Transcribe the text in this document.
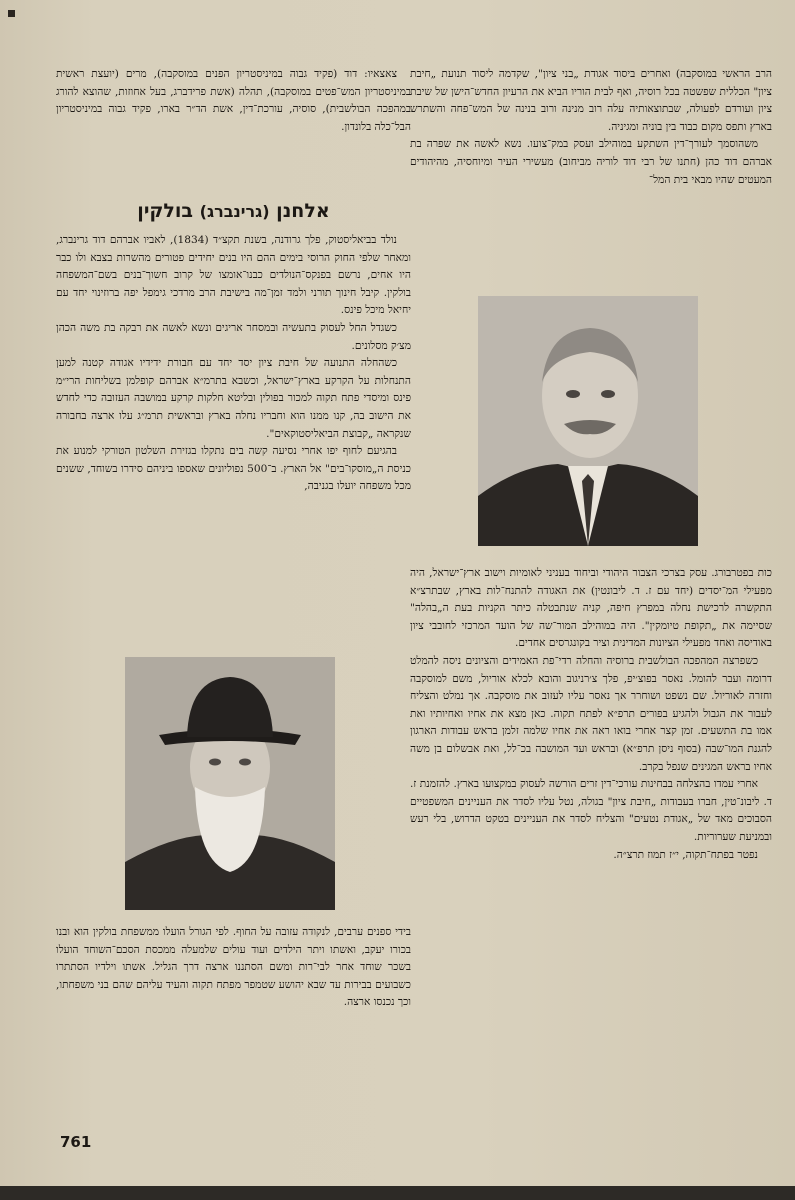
הרב הראשי במוסקבה) ואחרים ביסוד אגודת „בני ציון", שקדמה ליסוד תנועת „חיבת ציון" הכללית שפשטה בכל רוסיה, ואף לבית הוריו הביא את הרעיון החדש־הישן של שיבת ציון ועורדם לפעולה, שבתוצאותיה עלה רוב מנינה ורוב בנינה של המש־פחה והשתרש בארץ ותפס מקום כבוד בין בוניה ומגיניה.

משהוסמך לעורך־דין השתקע במוהילב ועסק במק־צועו. נשא לאשה את שפרה בת אברהם דוד כהן (חתנו של רבי דוד לוריה מביחוב) מעשירי העיר ומיוחסיה, מהיהודים המעטים שהיו מבאי בית המל־

כות בפטרבורג. עסק בצרכי הצבור היהודי וביחוד בעניני לאומיות וישוב ארץ־ישראל, היה מפעילי המ־יסדים (יחד עם ז. ד. ליבונטין) את האגודה להתנח־לות בארץ, שבתרצ״א התקשרה לרכישת נחלה במפרץ חיפה, קניה שנתבטלה כיתר הקניות בעת ה„בהלה" שסיימה את „תקופת טיומקין". היה במוהילב המור־שה של הועד המרכזי לחובבי ציון באודיסה ואחד מפעילי הציונות המדינית וציר בקונגרסים אחדים.

כשפרצה המהפכה הבולשבית ברוסיה והחלה רדי־פת האמידים והציונים ניסה להמלט דרומה ועבר להומל. נאסר בפוצ׳יפ, פלך צ׳רניגוב והובא לכלא אוריול, משם למוסקבה וחזרה לאוריול. שם נשפט ושוחרר אך נאסר עליו לעזוב את מוסקבה. אך נמלט והצליח לעבור את הגבול ולהגיע בפורים תרפ״א לפתח תקוה. כאן מצא את אחיו ואחיותיו ואת אמו בת התשעים. זמן קצר אחרי בואו ראה את אחיו שלמה זלמן בראש עבודות הארגון להגנת המו־שבה (בסוף ניסן תרפ״א) ובראש ועד המושבה בכ־לל, ואת אבשלום בן משה אחיו בראש המגינים שנפל בקרב.

אחרי עמדו בהצלחה בבחינות עורכי־דין זרים הורשה לעסוק במקצועו בארץ. להזמנת ז. ד. ליבונ־טין, חברו בעבודות „חיבת ציון" בגולה, נטל עליו לסדר את העניינים המשפטיים הסבוכים מאד של „אגודת נטעים" והצליח לסדר את העניינים בטקט הדרוש, בלי רעש ובמניעת שערוריות.

נפטר בפתח־תקוה, י״ז תמוז תרצ״ה.

צאצאיו: דוד (פקיד גבוה במיניסטריון הפנים במוסקבה), מרים (יועצת ראשית במיניסטריון המש־פטים במוסקבה), תהלה (אשת פרידברג, בעל אחוזות, שהוצא להורג במהפכה הבולשבית), סוסיה, עורכת־דין, אשת הד״ר בארו, פקיד גבוה במיניסטריון הבל־כלה בלונדון.

אלחנן (גרינברג) בולקין

נולד בביאליסטוק, פלך גרודנה, בשנת תקצ״ד (1834), לאביו אברהם דוד גרינברג, ומאחר שלפי החוק הרוסי בימים ההם היו בנים יחידים פטורים מהשרות בצבא ולו כבר היו אחים, נרשם בפנקס־הנולדים כבנו־אומצו של קרוב חשוך־בנים בשם־המשפחה בולקין. קיבל חינוך תורני ולמד זמן־מה בישיבת הרב מרדכי גימפל יפה ברוזינוי יחד עם יחיאל מיכל פינס.

כשגדל החל לעסוק בתעשיה ובמסחר אריגים ונשא לאשה את רבקה בת משה הכהן מצ׳ק מסלונים.

כשהחלה התנועה של חיבת ציון יסד יחד עם חבורת ידידיו אגודה קטנה למען התנחלות על הקרקע בארץ־ישראל, וכשבא בתרמ״א אברהם קופלמן בשליחות הרי״מ פינס ומיסדי פתח תקוה למכור בפולין ובליטא חלקות קרקע במושבה העזובה כדי לחדש את הישוב בה, קנו ממנו הוא וחבריו נחלה בארץ ובראשית תרמ״ג עלו ארצה בחבורה שנקראה „קבוצת הביאליסטוקאים".

בהגיעם לחוף יפו אחרי נסיעה קשה בים נתקלו בגזירת השלטון הטורקי למנוע את כניסת ה„מוסקו־בים" אל הארץ. ב־500 נפוליונים שאספו ביניהם סידרו בשוחד, ששנים מכל משפחה יועלו בגניבה,

בידי ספנים ערבים, לנקודה עזובה על החוף. לפי הגורל הועלו ממשפחת בולקין הוא ובנו בכורו יעקב, ואשתו ויתר הילדים ועוד עולים שלמעלה ממכסת הסכם־השוחד הועלו בשכר שוחד אחר לבי־רות ומשם הסתננו ארצה דרך הגליל. אשתו וילדיו הסתתרו כשבועים בבירות עד שבא יהושע שטמפר מפתח תקוה והעיד עליהם שהם בני משפחתו, וכך נכנסו ארצה.

761
